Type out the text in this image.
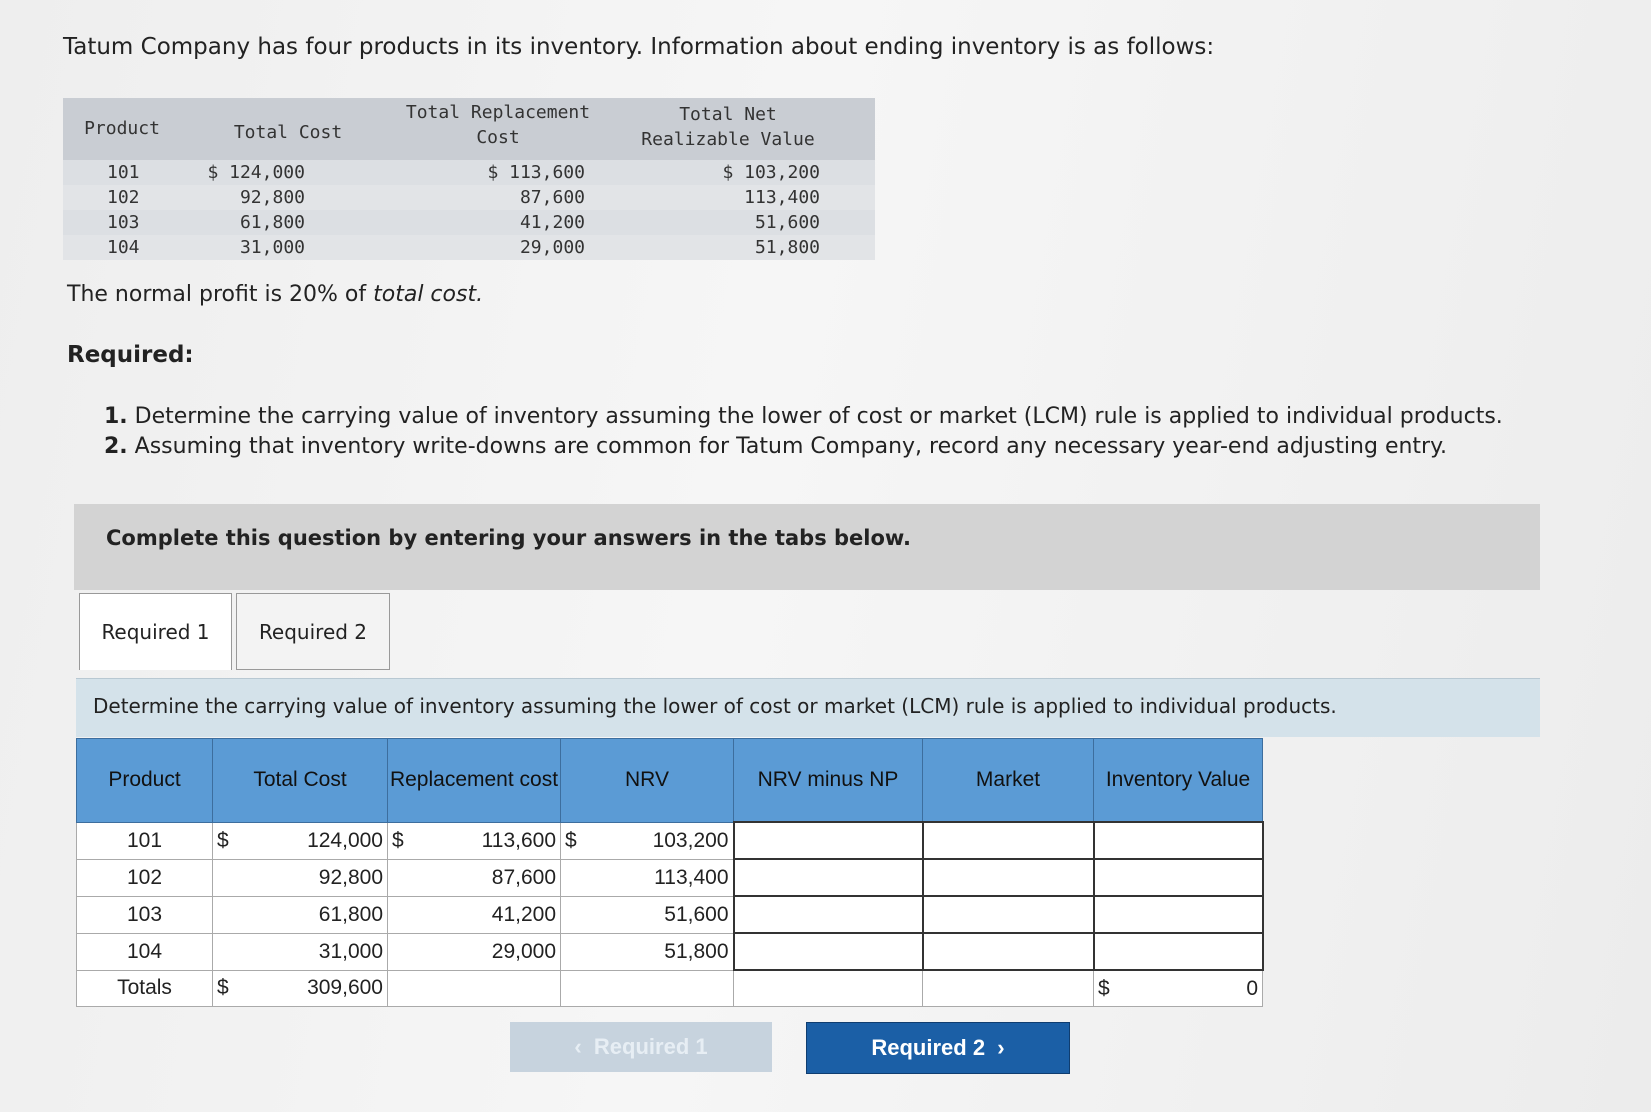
Tatum Company has four products in its inventory. Information about ending inventory is as follows:
Product	Total Cost
Total Replacement Cost
Total Net Realizable Value
101	$ 124,000	$ 113,600	$ 103,200
102	92,800	87,600	113,400
103	61,800	41,200	51,600
104	31,000	29,000	51,800
The normal profit is 20% of total cost.
Required:
1. Determine the carrying value of inventory assuming the lower of cost or market (LCM) rule is applied to individual products.
2. Assuming that inventory write-downs are common for Tatum Company, record any necessary year-end adjusting entry.
Complete this question by entering your answers in the tabs below.
Required 1	Required 2
Determine the carrying value of inventory assuming the lower of cost or market (LCM) rule is applied to individual products.
Product	Total Cost		Replacement cost		NRV		NRV minus NP	Market	Inventory Value	
101	$	124,000	$	113,600	$	103,200				
102		92,800		87,600		113,400				
103		61,800		41,200		51,600				
104		31,000		29,000		51,800				
Totals	$	309,600							$	0
‹ Required 1	Required 2 ›
